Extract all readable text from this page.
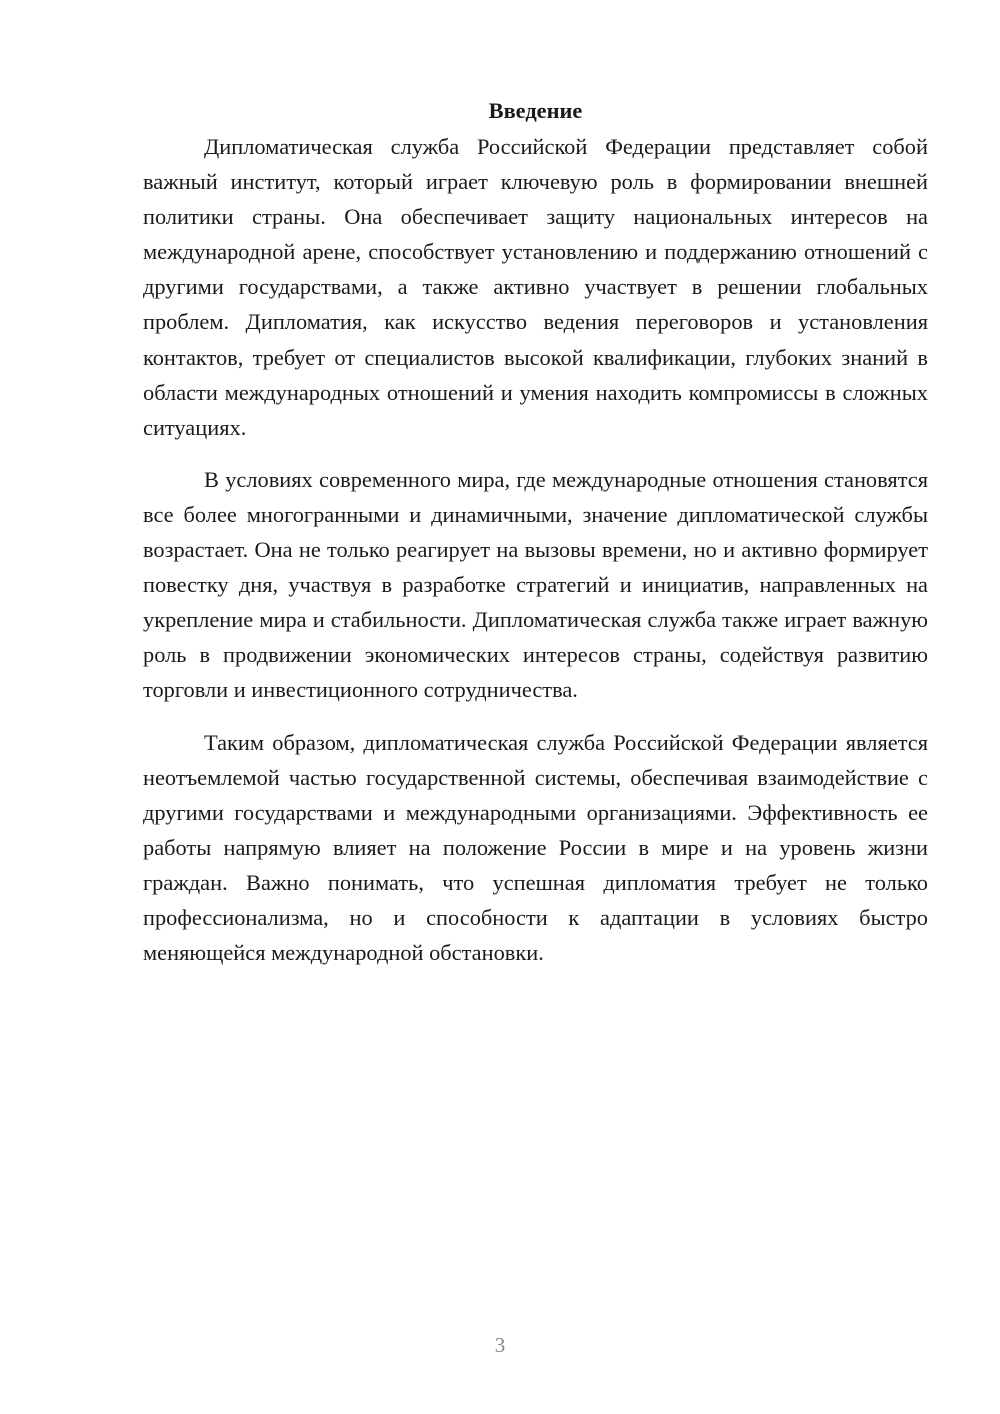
Введение

Дипломатическая служба Российской Федерации представляет собой важный институт, который играет ключевую роль в формировании внешней политики страны. Она обеспечивает защиту национальных интересов на международной арене, способствует установлению и поддержанию отношений с другими государствами, а также активно участвует в решении глобальных проблем. Дипломатия, как искусство ведения переговоров и установления контактов, требует от специалистов высокой квалификации, глубоких знаний в области международных отношений и умения находить компромиссы в сложных ситуациях.

В условиях современного мира, где международные отношения становятся все более многогранными и динамичными, значение дипломатической службы возрастает. Она не только реагирует на вызовы времени, но и активно формирует повестку дня, участвуя в разработке стратегий и инициатив, направленных на укрепление мира и стабильности. Дипломатическая служба также играет важную роль в продвижении экономических интересов страны, содействуя развитию торговли и инвестиционного сотрудничества.

Таким образом, дипломатическая служба Российской Федерации является неотъемлемой частью государственной системы, обеспечивая взаимодействие с другими государствами и международными организациями. Эффективность ее работы напрямую влияет на положение России в мире и на уровень жизни граждан. Важно понимать, что успешная дипломатия требует не только профессионализма, но и способности к адаптации в условиях быстро меняющейся международной обстановки.

3
